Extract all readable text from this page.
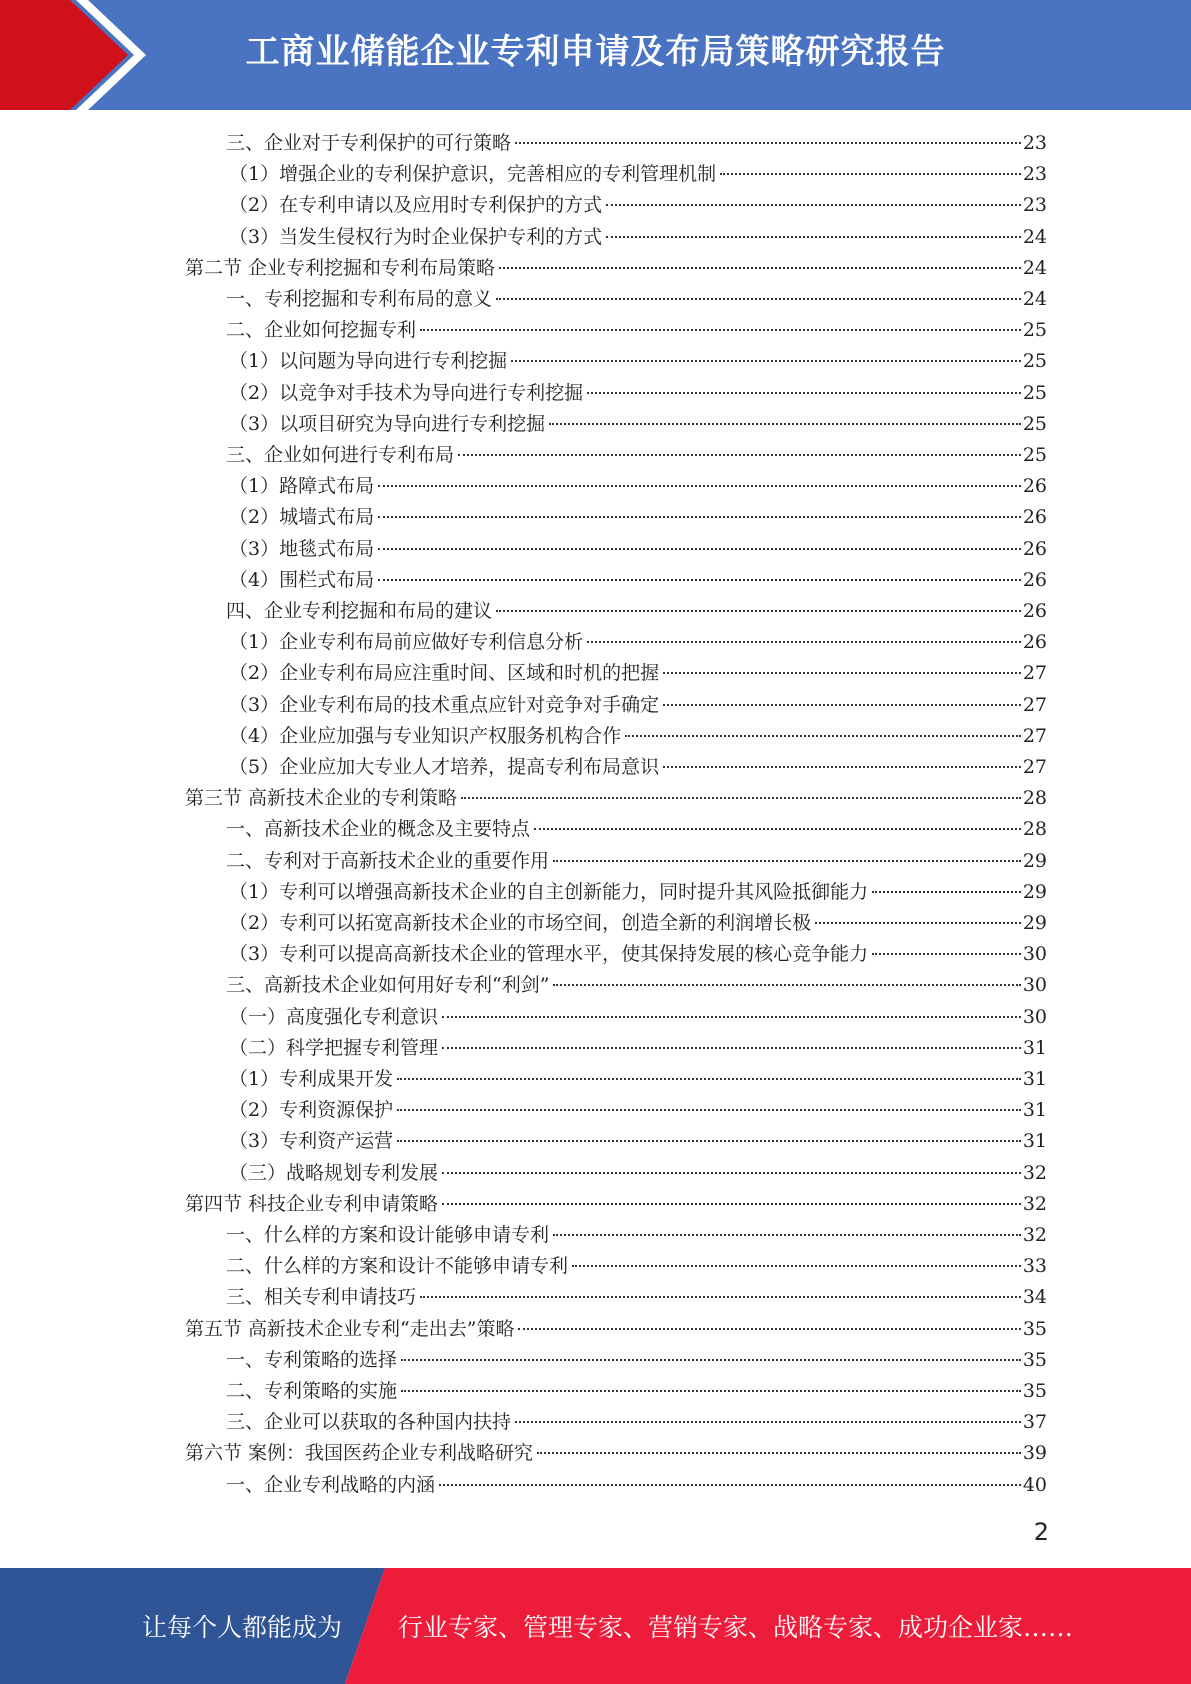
工商业储能企业专利申请及布局策略研究报告
三、企业对于专利保护的可行策略	23
（1）增强企业的专利保护意识，完善相应的专利管理机制	23
（2）在专利申请以及应用时专利保护的方式	23
（3）当发生侵权行为时企业保护专利的方式	24
第二节 企业专利挖掘和专利布局策略	24
一、专利挖掘和专利布局的意义	24
二、企业如何挖掘专利	25
（1）以问题为导向进行专利挖掘	25
（2）以竞争对手技术为导向进行专利挖掘	25
（3）以项目研究为导向进行专利挖掘	25
三、企业如何进行专利布局	25
（1）路障式布局	26
（2）城墙式布局	26
（3）地毯式布局	26
（4）围栏式布局	26
四、企业专利挖掘和布局的建议	26
（1）企业专利布局前应做好专利信息分析	26
（2）企业专利布局应注重时间、区域和时机的把握	27
（3）企业专利布局的技术重点应针对竞争对手确定	27
（4）企业应加强与专业知识产权服务机构合作	27
（5）企业应加大专业人才培养，提高专利布局意识	27
第三节 高新技术企业的专利策略	28
一、高新技术企业的概念及主要特点	28
二、专利对于高新技术企业的重要作用	29
（1）专利可以增强高新技术企业的自主创新能力，同时提升其风险抵御能力	29
（2）专利可以拓宽高新技术企业的市场空间，创造全新的利润增长极	29
（3）专利可以提高高新技术企业的管理水平，使其保持发展的核心竞争能力	30
三、高新技术企业如何用好专利“利剑”	30
（一）高度强化专利意识	30
（二）科学把握专利管理	31
（1）专利成果开发	31
（2）专利资源保护	31
（3）专利资产运营	31
（三）战略规划专利发展	32
第四节 科技企业专利申请策略	32
一、什么样的方案和设计能够申请专利	32
二、什么样的方案和设计不能够申请专利	33
三、相关专利申请技巧	34
第五节 高新技术企业专利“走出去”策略	35
一、专利策略的选择	35
二、专利策略的实施	35
三、企业可以获取的各种国内扶持	37
第六节 案例：我国医药企业专利战略研究	39
一、企业专利战略的内涵	40
2
让每个人都能成为 行业专家、管理专家、营销专家、战略专家、成功企业家……
